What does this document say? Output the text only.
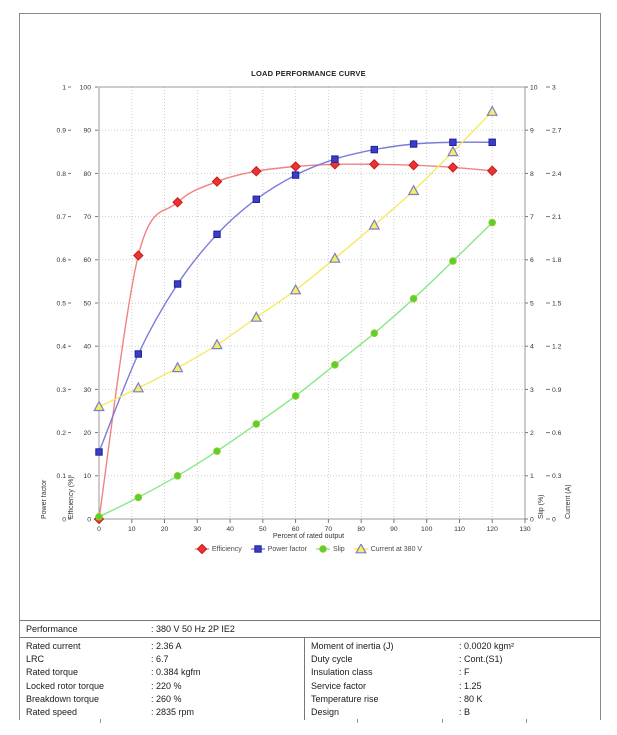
0
0.1
0.2
0.3
0.4
0.5
0.6
0.7
0.8
0.9
1
0
10
20
30
40
50
60
70
80
90
100
0
1
2
3
4
5
6
7
8
9
10
0
0.3
0.6
0.9
1.2
1.5
1.8
2.1
2.4
2.7
3
0	10	20	30	40	50	60	70	80	90	100	110	120	130
LOAD PERFORMANCE CURVE
Power factor	Efficiency (%)	Slip (%)	Current (A)
Percent of rated output
Efficiency	Power factor	Slip	Current at 380 V
Performance	: 380 V 50 Hz 2P IE2
Rated current	: 2.36 A
LRC	: 6.7
Rated torque	: 0.384 kgfm
Locked rotor torque	: 220 %
Breakdown torque	: 260 %
Rated speed	: 2835 rpm
Moment of inertia (J)	: 0.0020 kgm²
Duty cycle	: Cont.(S1)
Insulation class	: F
Service factor	: 1.25
Temperature rise	: 80 K
Design	: B
